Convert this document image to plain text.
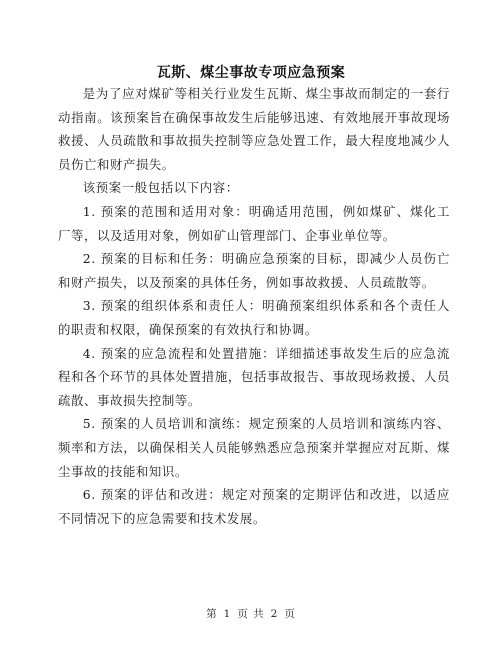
瓦斯、煤尘事故专项应急预案

是为了应对煤矿等相关行业发生瓦斯、煤尘事故而制定的一套行动指南。该预案旨在确保事故发生后能够迅速、有效地展开事故现场救援、人员疏散和事故损失控制等应急处置工作，最大程度地减少人员伤亡和财产损失。

该预案一般包括以下内容：

1. 预案的范围和适用对象：明确适用范围，例如煤矿、煤化工厂等，以及适用对象，例如矿山管理部门、企事业单位等。

2. 预案的目标和任务：明确应急预案的目标，即减少人员伤亡和财产损失，以及预案的具体任务，例如事故救援、人员疏散等。

3. 预案的组织体系和责任人：明确预案组织体系和各个责任人的职责和权限，确保预案的有效执行和协调。

4. 预案的应急流程和处置措施：详细描述事故发生后的应急流程和各个环节的具体处置措施，包括事故报告、事故现场救援、人员疏散、事故损失控制等。

5. 预案的人员培训和演练：规定预案的人员培训和演练内容、频率和方法，以确保相关人员能够熟悉应急预案并掌握应对瓦斯、煤尘事故的技能和知识。

6. 预案的评估和改进：规定对预案的定期评估和改进，以适应不同情况下的应急需要和技术发展。

第 1 页 共 2 页
